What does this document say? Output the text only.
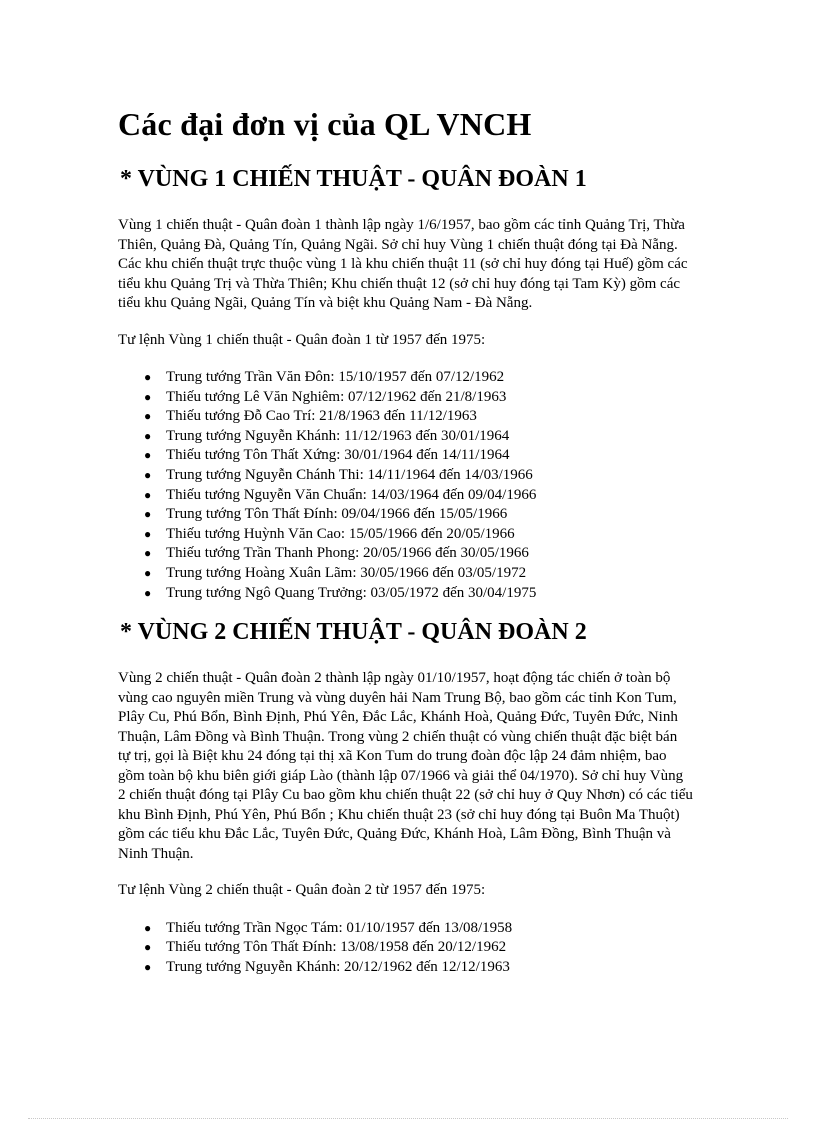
Các đại đơn vị của QL VNCH
* VÙNG 1 CHIẾN THUẬT - QUÂN ĐOÀN 1

Vùng 1 chiến thuật - Quân đoàn 1 thành lập ngày 1/6/1957, bao gồm các tỉnh Quảng Trị, Thừa Thiên, Quảng Đà, Quảng Tín, Quảng Ngãi. Sở chỉ huy Vùng 1 chiến thuật đóng tại Đà Nẵng. Các khu chiến thuật trực thuộc vùng 1 là khu chiến thuật 11 (sở chỉ huy đóng tại Huế) gồm các tiểu khu Quảng Trị và Thừa Thiên; Khu chiến thuật 12 (sở chỉ huy đóng tại Tam Kỳ) gồm các tiểu khu Quảng Ngãi, Quảng Tín và biệt khu Quảng Nam - Đà Nẵng.

Tư lệnh Vùng 1 chiến thuật - Quân đoàn 1 từ 1957 đến 1975:

● Trung tướng Trần Văn Đôn: 15/10/1957 đến 07/12/1962
● Thiếu tướng Lê Văn Nghiêm: 07/12/1962 đến 21/8/1963
● Thiếu tướng Đỗ Cao Trí: 21/8/1963 đến 11/12/1963
● Trung tướng Nguyễn Khánh: 11/12/1963 đến 30/01/1964
● Thiếu tướng Tôn Thất Xứng: 30/01/1964 đến 14/11/1964
● Trung tướng Nguyễn Chánh Thi: 14/11/1964 đến 14/03/1966
● Thiếu tướng Nguyễn Văn Chuẩn: 14/03/1964 đến 09/04/1966
● Trung tướng Tôn Thất Đính: 09/04/1966 đến 15/05/1966
● Thiếu tướng Huỳnh Văn Cao: 15/05/1966 đến 20/05/1966
● Thiếu tướng Trần Thanh Phong: 20/05/1966 đến 30/05/1966
● Trung tướng Hoàng Xuân Lãm: 30/05/1966 đến 03/05/1972
● Trung tướng Ngô Quang Trưởng: 03/05/1972 đến 30/04/1975
* VÙNG 2 CHIẾN THUẬT - QUÂN ĐOÀN 2

Vùng 2 chiến thuật - Quân đoàn 2 thành lập ngày 01/10/1957, hoạt động tác chiến ở toàn bộ vùng cao nguyên miền Trung và vùng duyên hải Nam Trung Bộ, bao gồm các tỉnh Kon Tum, Plây Cu, Phú Bổn, Bình Định, Phú Yên, Đắc Lắc, Khánh Hoà, Quảng Đức, Tuyên Đức, Ninh Thuận, Lâm Đồng và Bình Thuận. Trong vùng 2 chiến thuật có vùng chiến thuật đặc biệt bán tự trị, gọi là Biệt khu 24 đóng tại thị xã Kon Tum do trung đoàn độc lập 24 đảm nhiệm, bao gồm toàn bộ khu biên giới giáp Lào (thành lập 07/1966 và giải thể 04/1970). Sở chỉ huy Vùng 2 chiến thuật đóng tại Plây Cu bao gồm khu chiến thuật 22 (sở chỉ huy ở Quy Nhơn) có các tiểu khu Bình Định, Phú Yên, Phú Bổn ; Khu chiến thuật 23 (sở chỉ huy đóng tại Buôn Ma Thuột) gồm các tiểu khu Đắc Lắc, Tuyên Đức, Quảng Đức, Khánh Hoà, Lâm Đồng, Bình Thuận và Ninh Thuận.

Tư lệnh Vùng 2 chiến thuật - Quân đoàn 2 từ 1957 đến 1975:

● Thiếu tướng Trần Ngọc Tám: 01/10/1957 đến 13/08/1958
● Thiếu tướng Tôn Thất Đính: 13/08/1958 đến 20/12/1962
● Trung tướng Nguyễn Khánh: 20/12/1962 đến 12/12/1963
